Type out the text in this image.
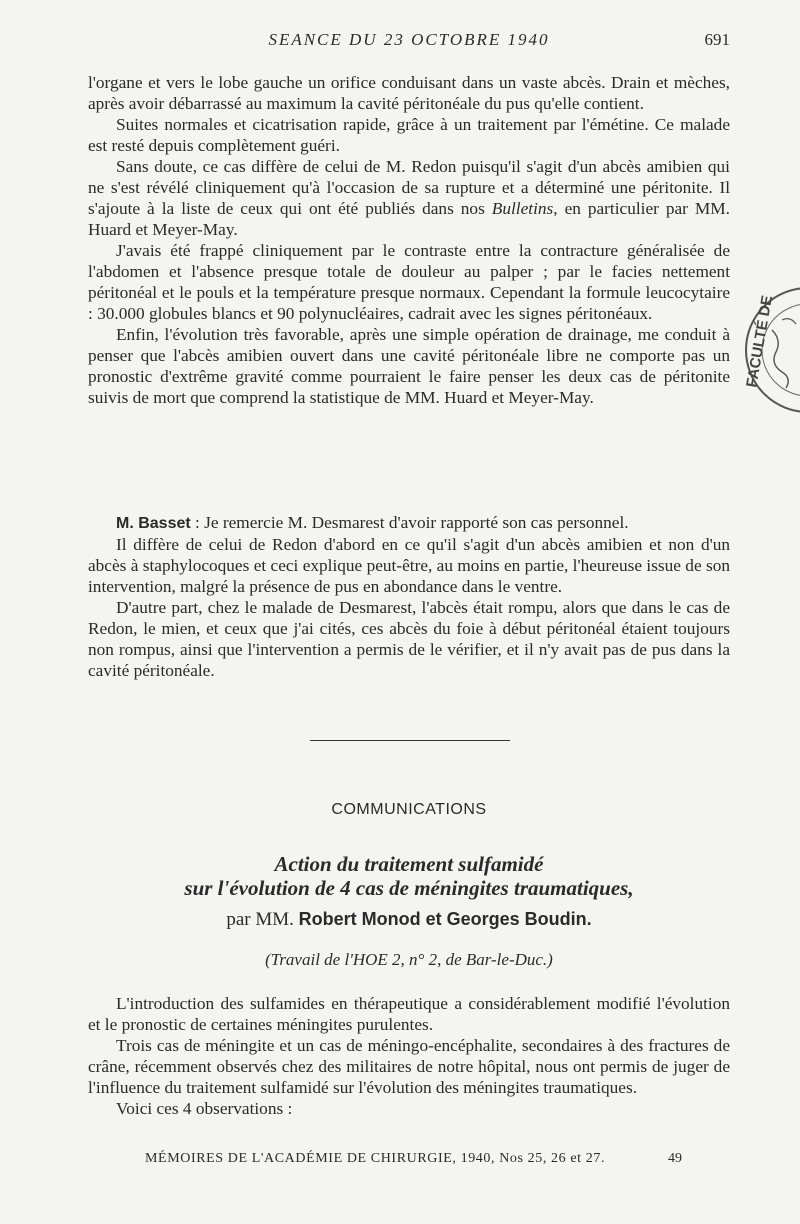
SEANCE DU 23 OCTOBRE 1940	691

l'organe et vers le lobe gauche un orifice conduisant dans un vaste abcès. Drain et mèches, après avoir débarrassé au maximum la cavité péritonéale du pus qu'elle contient.

Suites normales et cicatrisation rapide, grâce à un traitement par l'émétine. Ce malade est resté depuis complètement guéri.

Sans doute, ce cas diffère de celui de M. Redon puisqu'il s'agit d'un abcès amibien qui ne s'est révélé cliniquement qu'à l'occasion de sa rupture et a déterminé une péritonite. Il s'ajoute à la liste de ceux qui ont été publiés dans nos Bulletins, en particulier par MM. Huard et Meyer-May.

J'avais été frappé cliniquement par le contraste entre la contracture généralisée de l'abdomen et l'absence presque totale de douleur au palper ; par le facies nettement péritonéal et le pouls et la température presque normaux. Cependant la formule leucocytaire : 30.000 globules blancs et 90 polynucléaires, cadrait avec les signes péritonéaux.

Enfin, l'évolution très favorable, après une simple opération de drainage, me conduit à penser que l'abcès amibien ouvert dans une cavité péritonéale libre ne comporte pas un pronostic d'extrême gravité comme pourraient le faire penser les deux cas de péritonite suivis de mort que comprend la statistique de MM. Huard et Meyer-May.

M. Basset : Je remercie M. Desmarest d'avoir rapporté son cas personnel.

Il diffère de celui de Redon d'abord en ce qu'il s'agit d'un abcès amibien et non d'un abcès à staphylocoques et ceci explique peut-être, au moins en partie, l'heureuse issue de son intervention, malgré la présence de pus en abondance dans le ventre.

D'autre part, chez le malade de Desmarest, l'abcès était rompu, alors que dans le cas de Redon, le mien, et ceux que j'ai cités, ces abcès du foie à début péritonéal étaient toujours non rompus, ainsi que l'intervention a permis de le vérifier, et il n'y avait pas de pus dans la cavité péritonéale.

COMMUNICATIONS
Action du traitement sulfamidé
sur l'évolution de 4 cas de méningites traumatiques,
par MM. Robert Monod et Georges Boudin.
(Travail de l'HOE 2, n° 2, de Bar-le-Duc.)

L'introduction des sulfamides en thérapeutique a considérablement modifié l'évolution et le pronostic de certaines méningites purulentes.

Trois cas de méningite et un cas de méningo-encéphalite, secondaires à des fractures de crâne, récemment observés chez des militaires de notre hôpital, nous ont permis de juger de l'influence du traitement sulfamidé sur l'évolution des méningites traumatiques.

Voici ces 4 observations :

MÉMOIRES DE L'ACADÉMIE DE CHIRURGIE, 1940, Nos 25, 26 et 27.	49
FACULTÉ DE
